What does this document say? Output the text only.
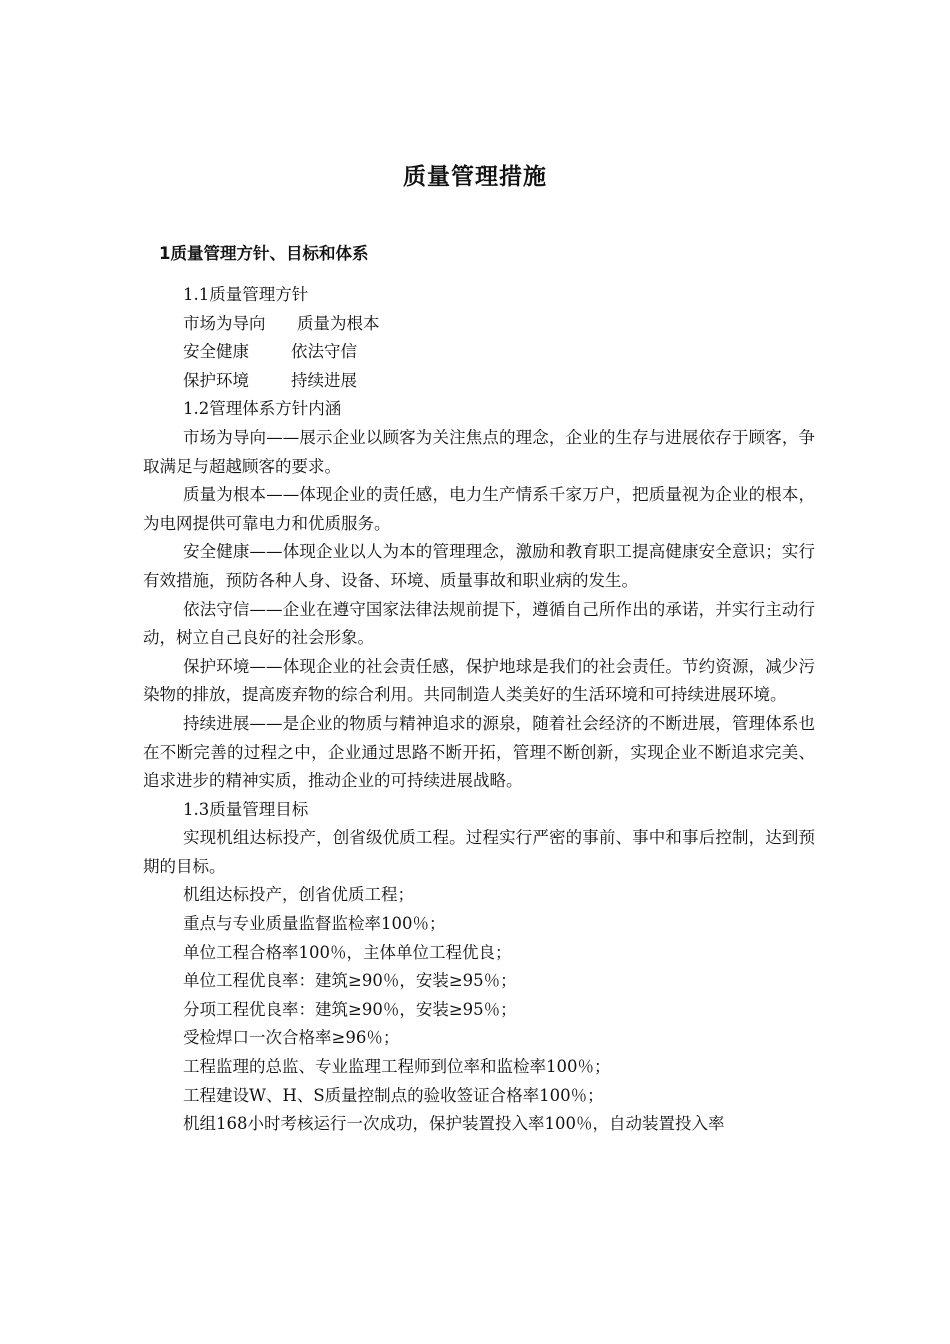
质量管理措施
1质量管理方针、目标和体系
1.1质量管理方针
市场为导向      质量为根本
安全健康        依法守信
保护环境        持续进展
1.2管理体系方针内涵

市场为导向——展示企业以顾客为关注焦点的理念，企业的生存与进展依存于顾客，争取满足与超越顾客的要求。

质量为根本——体现企业的责任感，电力生产情系千家万户，把质量视为企业的根本，为电网提供可靠电力和优质服务。

安全健康——体现企业以人为本的管理理念，激励和教育职工提高健康安全意识；实行有效措施，预防各种人身、设备、环境、质量事故和职业病的发生。

依法守信——企业在遵守国家法律法规前提下，遵循自己所作出的承诺，并实行主动行动，树立自己良好的社会形象。

保护环境——体现企业的社会责任感，保护地球是我们的社会责任。节约资源，减少污染物的排放，提高废弃物的综合利用。共同制造人类美好的生活环境和可持续进展环境。

持续进展——是企业的物质与精神追求的源泉，随着社会经济的不断进展，管理体系也在不断完善的过程之中，企业通过思路不断开拓，管理不断创新，实现企业不断追求完美、追求进步的精神实质，推动企业的可持续进展战略。

1.3质量管理目标

实现机组达标投产，创省级优质工程。过程实行严密的事前、事中和事后控制，达到预期的目标。

机组达标投产，创省优质工程；

重点与专业质量监督监检率100％；

单位工程合格率100％，主体单位工程优良；

单位工程优良率：建筑≥90％，安装≥95％；

分项工程优良率：建筑≥90％，安装≥95％；

受检焊口一次合格率≥96％；

工程监理的总监、专业监理工程师到位率和监检率100％；

工程建设W、H、S质量控制点的验收签证合格率100％；

机组168小时考核运行一次成功，保护装置投入率100％，自动装置投入率
